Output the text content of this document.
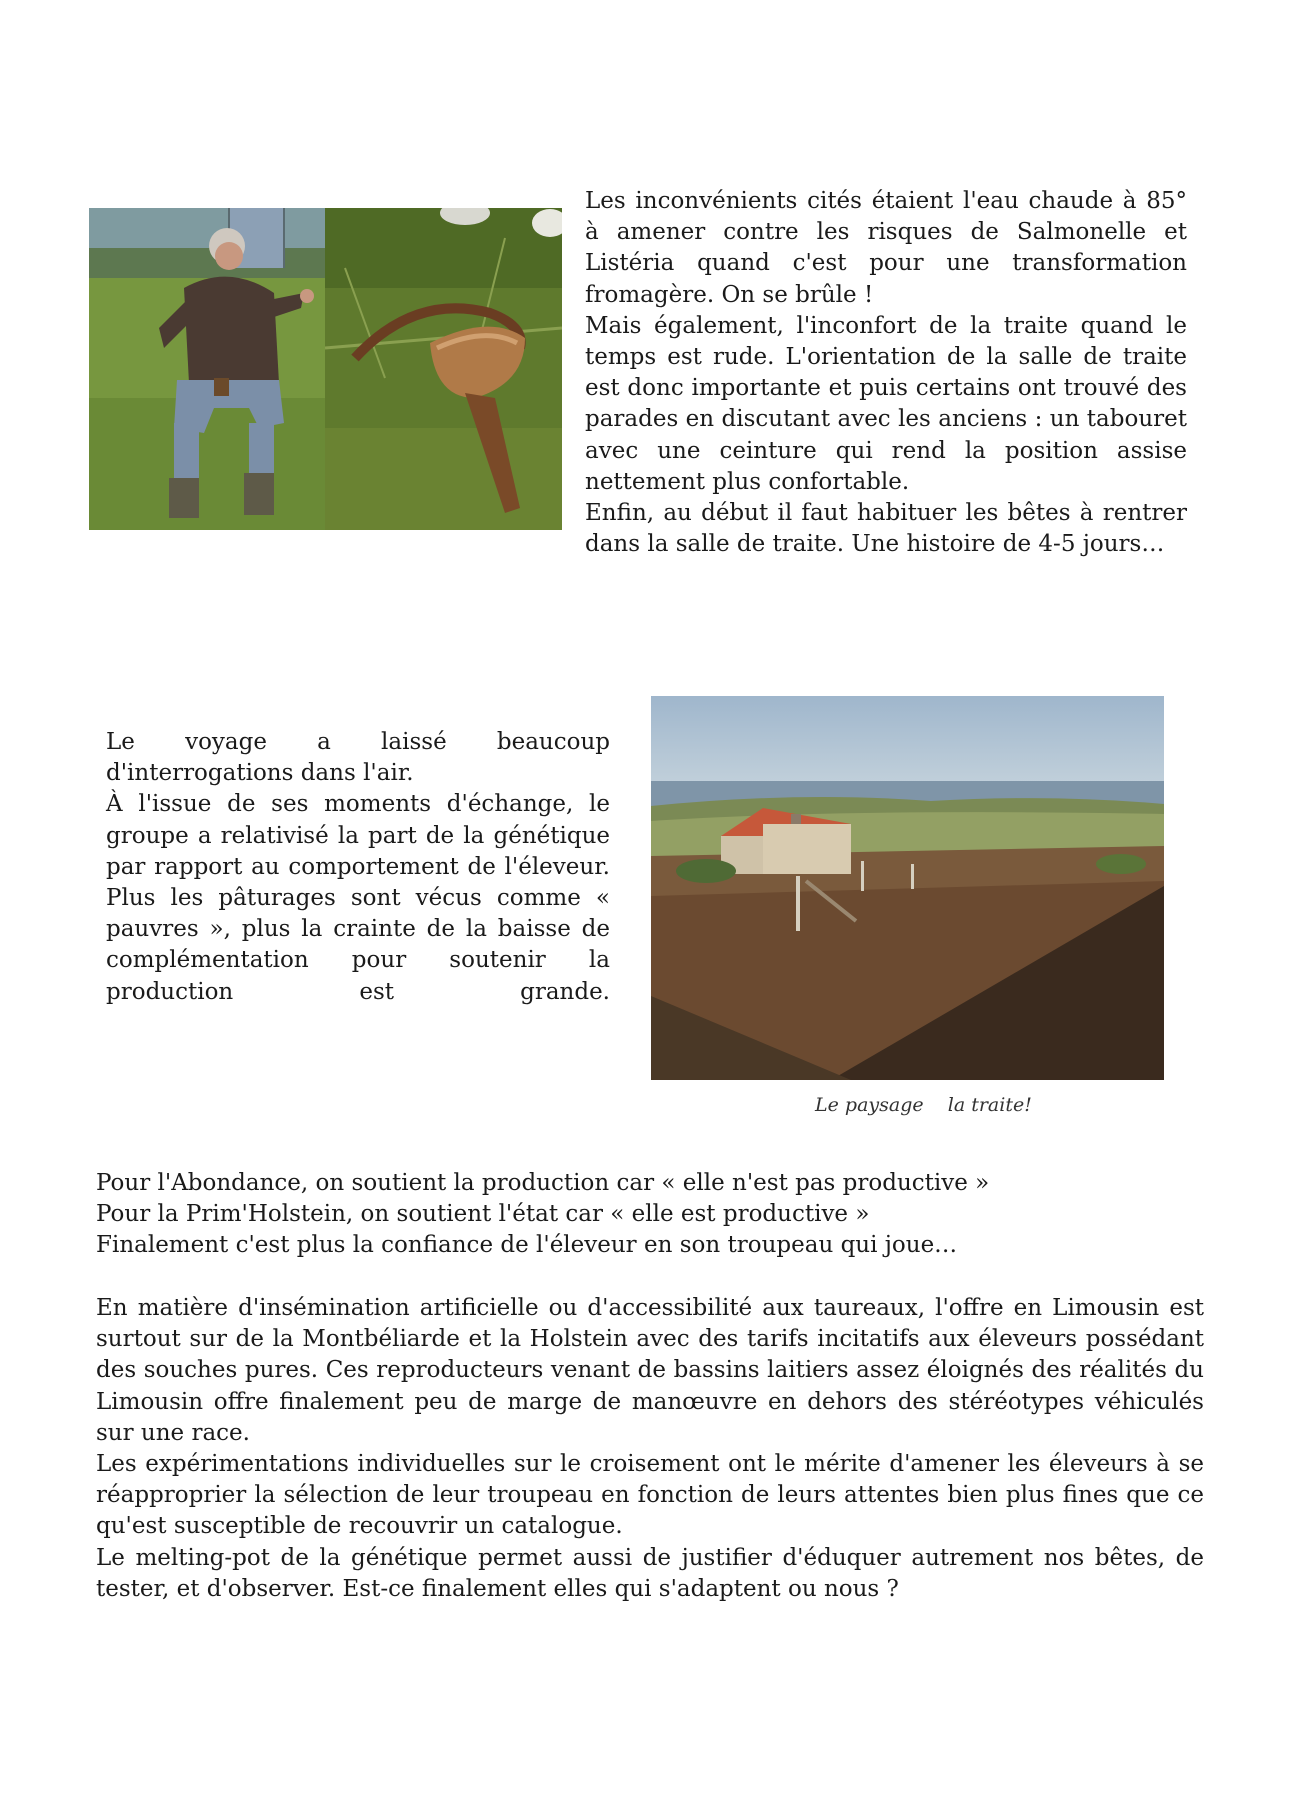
Les inconvénients cités étaient l'eau chaude à 85° à amener contre les risques de Salmonelle et Listéria quand c'est pour une transformation fromagère. On se brûle !

Mais également, l'inconfort de la traite quand le temps est rude. L'orientation de la salle de traite est donc importante et puis certains ont trouvé des parades en discutant avec les anciens : un tabouret avec une ceinture qui rend la position assise nettement plus confortable.

Enfin, au début il faut habituer les bêtes à rentrer dans la salle de traite. Une histoire de 4-5 jours…

Le voyage a laissé beaucoup d'interrogations dans l'air.

À l'issue de ses moments d'échange, le groupe a relativisé la part de la génétique par rapport au comportement de l'éleveur. Plus les pâturages sont vécus comme « pauvres », plus la crainte de la baisse de complémentation pour soutenir la production est grande.

Le paysage    la traite!

Pour l'Abondance, on soutient la production car « elle n'est pas productive »

Pour la Prim'Holstein, on soutient l'état car « elle est productive »

Finalement c'est plus la confiance de l'éleveur en son troupeau qui joue…

En matière d'insémination artificielle ou d'accessibilité aux taureaux, l'offre en Limousin est surtout sur de la Montbéliarde et la Holstein avec des tarifs incitatifs aux éleveurs possédant des souches pures. Ces reproducteurs venant de bassins laitiers assez éloignés des réalités du Limousin offre finalement peu de marge de manœuvre en dehors des stéréotypes véhiculés sur une race.

Les expérimentations individuelles sur le croisement ont le mérite d'amener les éleveurs à se réapproprier la sélection de leur troupeau en fonction de leurs attentes bien plus fines que ce qu'est susceptible de recouvrir un catalogue.

Le melting-pot de la génétique permet aussi de justifier d'éduquer autrement nos bêtes, de tester, et d'observer. Est-ce finalement elles qui s'adaptent ou nous ?
